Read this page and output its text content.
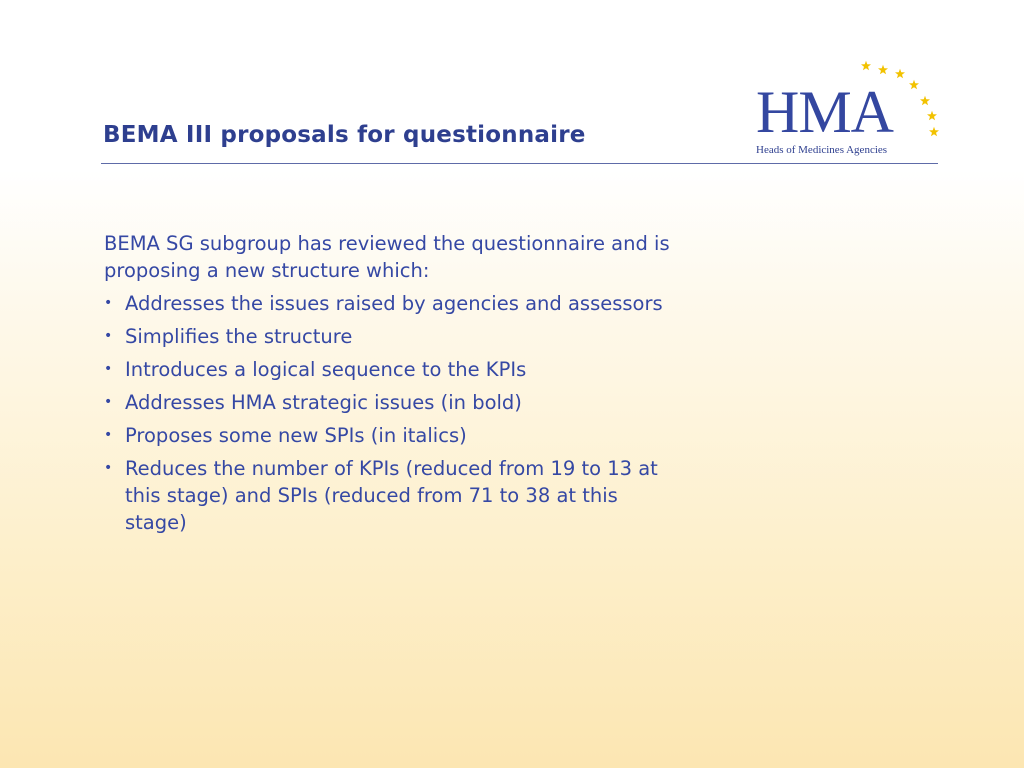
BEMA III proposals for questionnaire	HMA
Heads of Medicines Agencies

BEMA SG subgroup has reviewed the questionnaire and is proposing a new structure which:

• Addresses the issues raised by agencies and assessors
• Simplifies the structure
• Introduces a logical sequence to the KPIs
• Addresses HMA strategic issues (in bold)
• Proposes some new SPIs (in italics)
• Reduces the number of KPIs (reduced from 19 to 13 at this stage) and SPIs (reduced from 71 to 38 at this stage)
